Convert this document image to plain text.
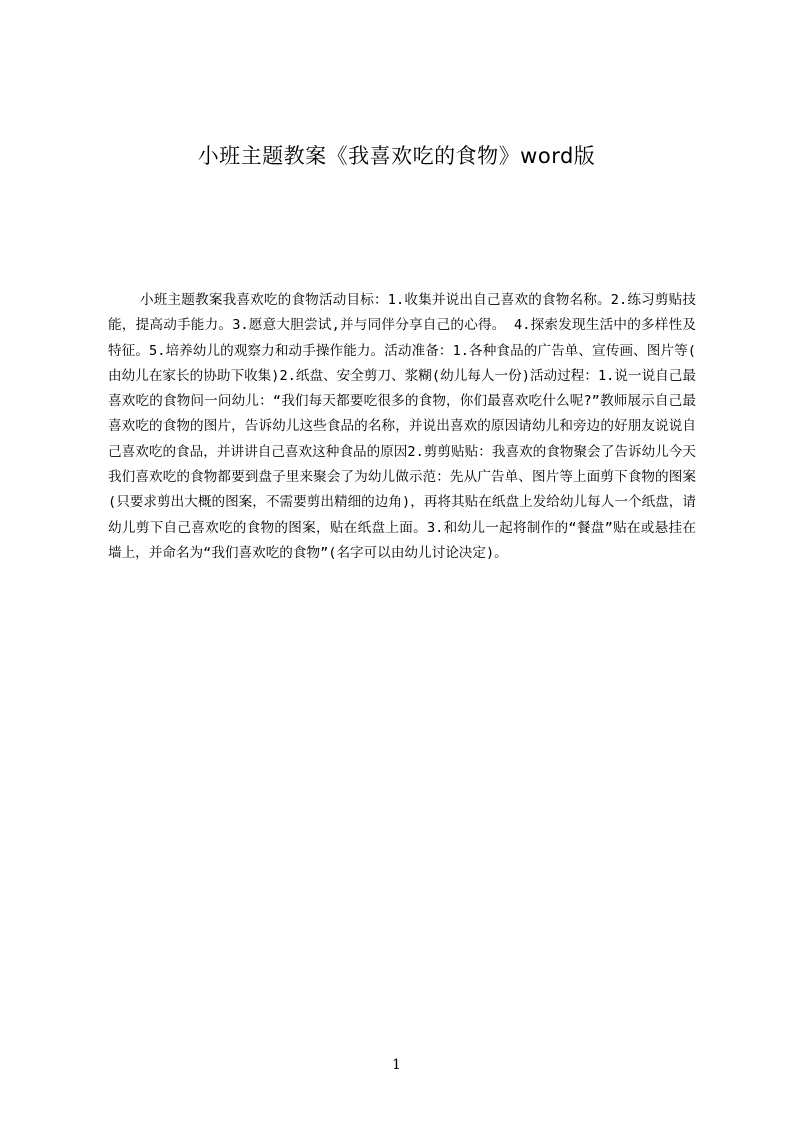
小班主题教案《我喜欢吃的食物》word版
小班主题教案我喜欢吃的食物活动目标：1.收集并说出自己喜欢的食物名称。2.练习剪贴技能，提高动手能力。3.愿意大胆尝试,并与同伴分享自己的心得。 4.探索发现生活中的多样性及特征。5.培养幼儿的观察力和动手操作能力。活动准备：1.各种食品的广告单、宣传画、图片等(由幼儿在家长的协助下收集)2.纸盘、安全剪刀、浆糊(幼儿每人一份)活动过程：1.说一说自己最喜欢吃的食物问一问幼儿：“我们每天都要吃很多的食物，你们最喜欢吃什么呢?”教师展示自己最喜欢吃的食物的图片，告诉幼儿这些食品的名称，并说出喜欢的原因请幼儿和旁边的好朋友说说自己喜欢吃的食品，并讲讲自己喜欢这种食品的原因2.剪剪贴贴：我喜欢的食物聚会了告诉幼儿今天我们喜欢吃的食物都要到盘子里来聚会了为幼儿做示范：先从广告单、图片等上面剪下食物的图案(只要求剪出大概的图案，不需要剪出精细的边角)，再将其贴在纸盘上发给幼儿每人一个纸盘，请幼儿剪下自己喜欢吃的食物的图案，贴在纸盘上面。3.和幼儿一起将制作的“餐盘”贴在或悬挂在墙上，并命名为“我们喜欢吃的食物”(名字可以由幼儿讨论决定)。
1
